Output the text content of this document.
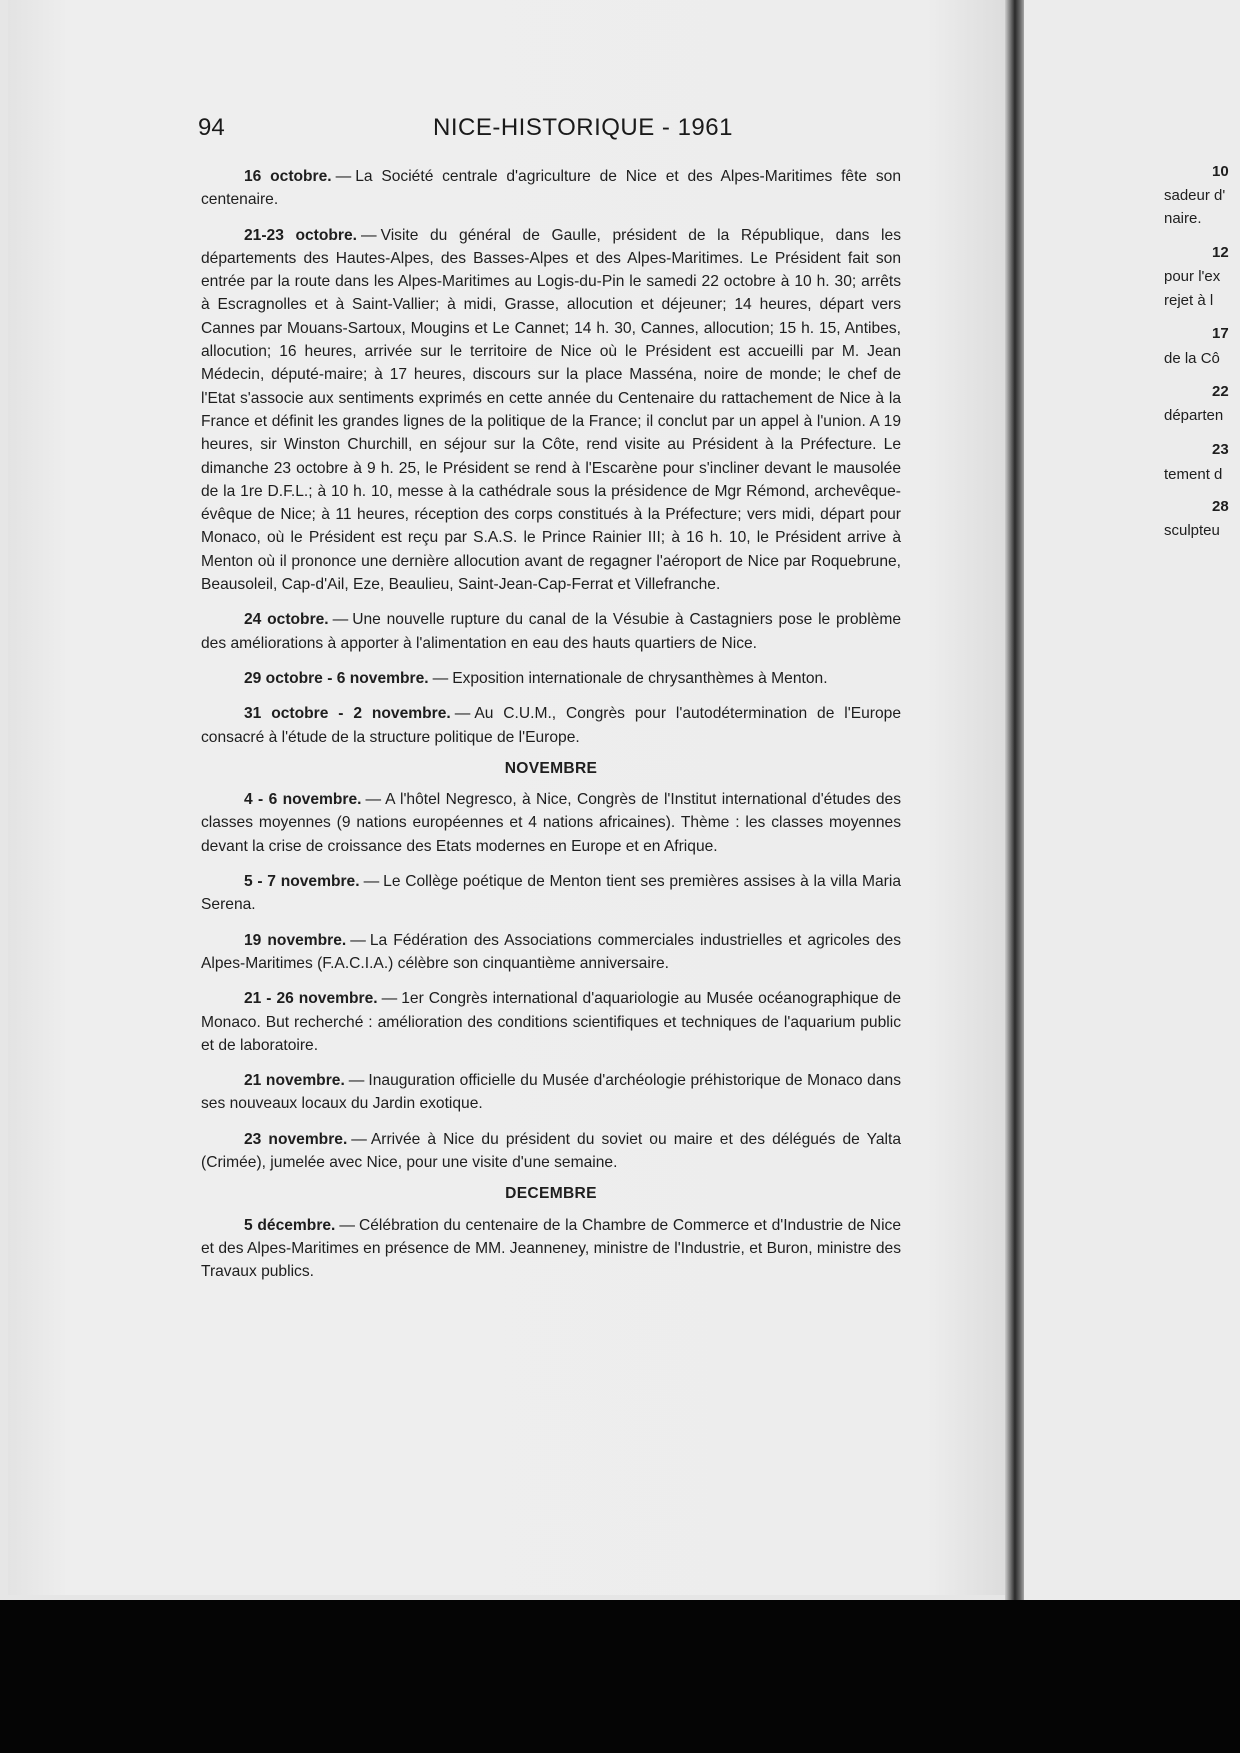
94	NICE-HISTORIQUE - 1961

16 octobre. — La Société centrale d'agriculture de Nice et des Alpes-Maritimes fête son centenaire.

21-23 octobre. — Visite du général de Gaulle, président de la République, dans les départements des Hautes-Alpes, des Basses-Alpes et des Alpes-Maritimes. Le Président fait son entrée par la route dans les Alpes-Maritimes au Logis-du-Pin le samedi 22 octobre à 10 h. 30; arrêts à Escragnolles et à Saint-Vallier; à midi, Grasse, allocution et déjeuner; 14 heures, départ vers Cannes par Mouans-Sartoux, Mougins et Le Cannet; 14 h. 30, Cannes, allocution; 15 h. 15, Antibes, allocution; 16 heures, arrivée sur le territoire de Nice où le Président est accueilli par M. Jean Médecin, député-maire; à 17 heures, discours sur la place Masséna, noire de monde; le chef de l'Etat s'associe aux sentiments exprimés en cette année du Centenaire du rattachement de Nice à la France et définit les grandes lignes de la politique de la France; il conclut par un appel à l'union. A 19 heures, sir Winston Churchill, en séjour sur la Côte, rend visite au Président à la Préfecture. Le dimanche 23 octobre à 9 h. 25, le Président se rend à l'Escarène pour s'incliner devant le mausolée de la 1re D.F.L.; à 10 h. 10, messe à la cathédrale sous la présidence de Mgr Rémond, archevêque-évêque de Nice; à 11 heures, réception des corps constitués à la Préfecture; vers midi, départ pour Monaco, où le Président est reçu par S.A.S. le Prince Rainier III; à 16 h. 10, le Président arrive à Menton où il prononce une dernière allocution avant de regagner l'aéroport de Nice par Roquebrune, Beausoleil, Cap-d'Ail, Eze, Beaulieu, Saint-Jean-Cap-Ferrat et Villefranche.

24 octobre. — Une nouvelle rupture du canal de la Vésubie à Castagniers pose le problème des améliorations à apporter à l'alimentation en eau des hauts quartiers de Nice.

29 octobre - 6 novembre. — Exposition internationale de chrysanthèmes à Menton.

31 octobre - 2 novembre. — Au C.U.M., Congrès pour l'autodétermination de l'Europe consacré à l'étude de la structure politique de l'Europe.

NOVEMBRE

4 - 6 novembre. — A l'hôtel Negresco, à Nice, Congrès de l'Institut international d'études des classes moyennes (9 nations européennes et 4 nations africaines). Thème : les classes moyennes devant la crise de croissance des Etats modernes en Europe et en Afrique.

5 - 7 novembre. — Le Collège poétique de Menton tient ses premières assises à la villa Maria Serena.

19 novembre. — La Fédération des Associations commerciales industrielles et agricoles des Alpes-Maritimes (F.A.C.I.A.) célèbre son cinquantième anniversaire.

21 - 26 novembre. — 1er Congrès international d'aquariologie au Musée océanographique de Monaco. But recherché : amélioration des conditions scientifiques et techniques de l'aquarium public et de laboratoire.

21 novembre. — Inauguration officielle du Musée d'archéologie préhistorique de Monaco dans ses nouveaux locaux du Jardin exotique.

23 novembre. — Arrivée à Nice du président du soviet ou maire et des délégués de Yalta (Crimée), jumelée avec Nice, pour une visite d'une semaine.

DECEMBRE

5 décembre. — Célébration du centenaire de la Chambre de Commerce et d'Industrie de Nice et des Alpes-Maritimes en présence de MM. Jeanneney, ministre de l'Industrie, et Buron, ministre des Travaux publics.

10
sadeur d'
naire.
12
pour l'ex
rejet à l
17
de la Cô
22
départen
23
tement d
28
sculpteu
